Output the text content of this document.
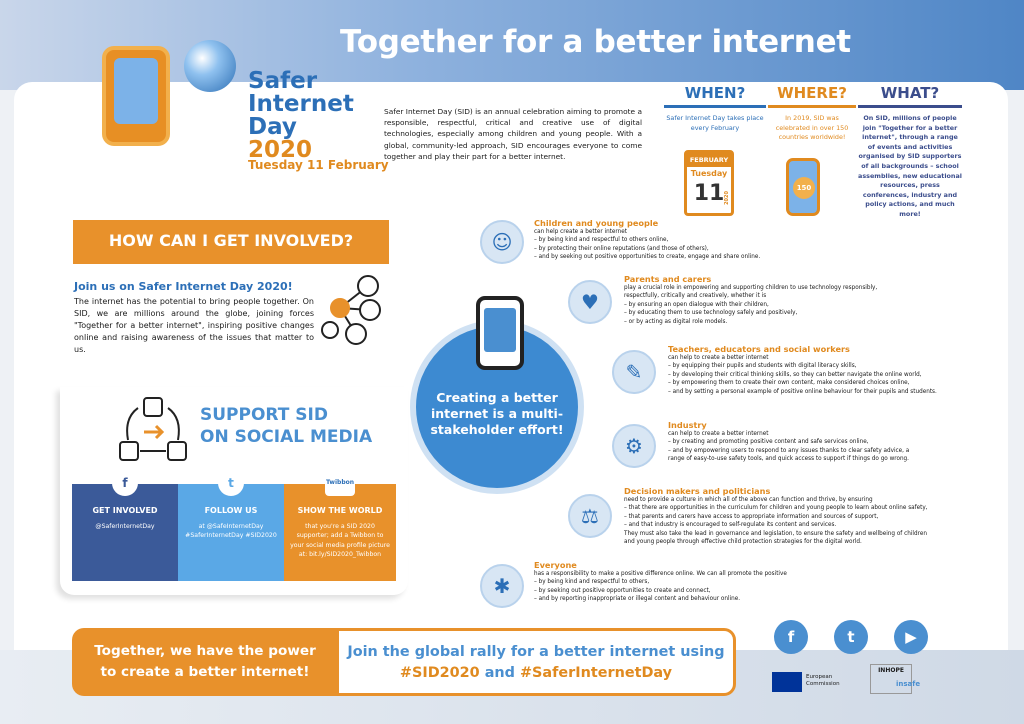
Together for a better internet
Safer
Internet
Day 2020
Tuesday 11 February
Safer Internet Day (SID) is an annual celebration aiming to promote a responsible, respectful, critical and creative use of digital technologies, especially among children and young people. With a global, community-led approach, SID encourages everyone to come together and play their part for a better internet.
WHEN?
Safer Internet Day takes place every February
FEBRUARY
Tuesday
11 2020
WHERE?
In 2019, SID was celebrated in over 150 countries worldwide!
150
WHAT?
On SID, millions of people join "Together for a better internet", through a range of events and activities organised by SID supporters of all backgrounds – school assemblies, new educational resources, press conferences, industry and policy actions, and much more!
HOW CAN I GET INVOLVED?
Join us on Safer Internet Day 2020!
The internet has the potential to bring people together. On SID, we are millions around the globe, joining forces "Together for a better internet", inspiring positive changes online and raising awareness of the issues that matter to us.
SUPPORT SID
ON SOCIAL MEDIA
f
GET INVOLVED
@SaferInternetDay
t
FOLLOW US
at @SafeInternetDay #SaferInternetDay #SID2020
Twibbon
SHOW THE WORLD
that you're a SID 2020 supporter; add a Twibbon to your social media profile picture at: bit.ly/SID2020_Twibbon
Creating a better internet is a multi-stakeholder effort!
☺
Children and young people
can help create a better internet
– by being kind and respectful to others online,
– by protecting their online reputations (and those of others),
– and by seeking out positive opportunities to create, engage and share online.
♥
Parents and carers
play a crucial role in empowering and supporting children to use technology responsibly,
respectfully, critically and creatively, whether it is
– by ensuring an open dialogue with their children,
– by educating them to use technology safely and positively,
– or by acting as digital role models.
✎
Teachers, educators and social workers
can help to create a better internet
– by equipping their pupils and students with digital literacy skills,
– by developing their critical thinking skills, so they can better navigate the online world,
– by empowering them to create their own content, make considered choices online,
– and by setting a personal example of positive online behaviour for their pupils and students.
⚙
Industry
can help to create a better internet
– by creating and promoting positive content and safe services online,
– and by empowering users to respond to any issues thanks to clear safety advice, a
range of easy-to-use safety tools, and quick access to support if things do go wrong.
⚖
Decision makers and politicians
need to provide a culture in which all of the above can function and thrive, by ensuring
– that there are opportunities in the curriculum for children and young people to learn about online safety,
– that parents and carers have access to appropriate information and sources of support,
– and that industry is encouraged to self-regulate its content and services.
They must also take the lead in governance and legislation, to ensure the safety and wellbeing of children
and young people through effective child protection strategies for the digital world.
✱
Everyone
has a responsibility to make a positive difference online. We can all promote the positive
– by being kind and respectful to others,
– by seeking out positive opportunities to create and connect,
– and by reporting inappropriate or illegal content and behaviour online.
Together, we have the power
to create a better internet!
Join the global rally for a better internet using
#SID2020 and #SaferInternetDay
f	t	▶
European
Commission
INHOPE
insafe
